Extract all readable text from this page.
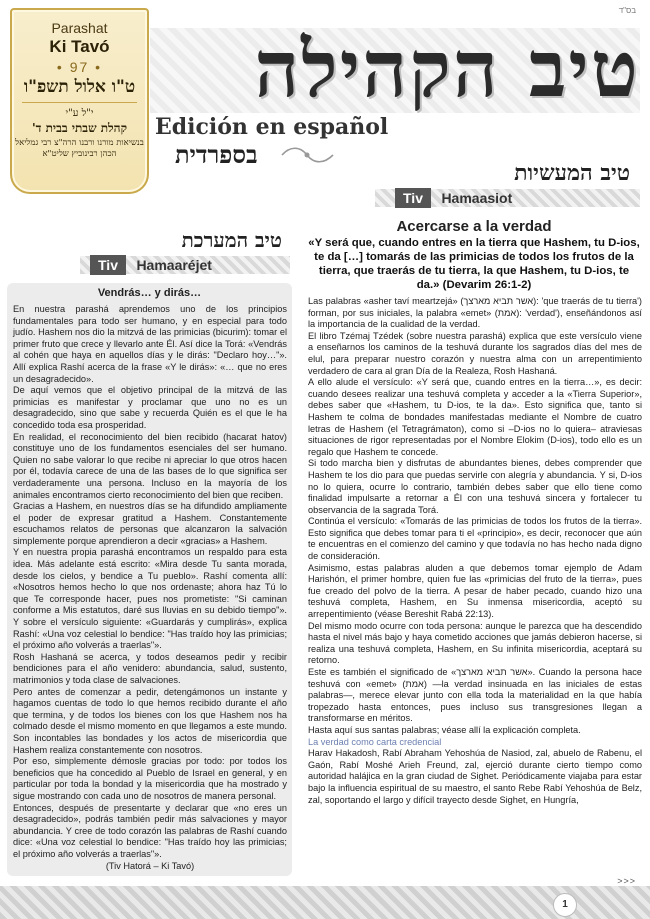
בס"ד
Parashat
Ki Tavó
• 97 •
ט"ו אלול תשפ"ו
י"ל ע"י
קהלת שבתי בבית ד'
בנשיאות מורנו ורבנו הרה"צ רבי גמליאל הכהן רבינוביץ שליט"א
טיב הקהילה
Edición en español
בספרדית
טיב המעשיות
Tiv Hamaasiot
טיב המערכת
Tiv Hamaaréjet
Vendrás… y dirás…

En nuestra parashá aprendemos uno de los principios fundamentales para todo ser humano, y en especial para todo judío. Hashem nos dio la mitzvá de las primicias (bicurim): tomar el primer fruto que crece y llevarlo ante Él. Así dice la Torá: «Vendrás al cohén que haya en aquellos días y le dirás: "Declaro hoy…"». Allí explica Rashí acerca de la frase «Y le dirás»: «… que no eres un desagradecido».

De aquí vemos que el objetivo principal de la mitzvá de las primicias es manifestar y proclamar que uno no es un desagradecido, sino que sabe y recuerda Quién es el que le ha concedido toda esa prosperidad.

En realidad, el reconocimiento del bien recibido (hacarat hatov) constituye uno de los fundamentos esenciales del ser humano. Quien no sabe valorar lo que recibe ni apreciar lo que otros hacen por él, todavía carece de una de las bases de lo que significa ser verdaderamente una persona. Incluso en la mayoría de los animales encontramos cierto reconocimiento del bien que reciben.

Gracias a Hashem, en nuestros días se ha difundido ampliamente el poder de expresar gratitud a Hashem. Constantemente escuchamos relatos de personas que alcanzaron la salvación simplemente porque aprendieron a decir «gracias» a Hashem.

Y en nuestra propia parashá encontramos un respaldo para esta idea. Más adelante está escrito: «Mira desde Tu santa morada, desde los cielos, y bendice a Tu pueblo». Rashí comenta allí: «Nosotros hemos hecho lo que nos ordenaste; ahora haz Tú lo que Te corresponde hacer, pues nos prometiste: "Si caminan conforme a Mis estatutos, daré sus lluvias en su debido tiempo"». Y sobre el versículo siguiente: «Guardarás y cumplirás», explica Rashí: «Una voz celestial lo bendice: "Has traído hoy las primicias; el próximo año volverás a traerlas"».

Rosh Hashaná se acerca, y todos deseamos pedir y recibir bendiciones para el año venidero: abundancia, salud, sustento, matrimonios y toda clase de salvaciones.

Pero antes de comenzar a pedir, detengámonos un instante y hagamos cuentas de todo lo que hemos recibido durante el año que termina, y de todos los bienes con los que Hashem nos ha colmado desde el mismo momento en que llegamos a este mundo. Son incontables las bondades y los actos de misericordia que Hashem realiza constantemente con nosotros.

Por eso, simplemente démosle gracias por todo: por todos los beneficios que ha concedido al Pueblo de Israel en general, y en particular por toda la bondad y la misericordia que ha mostrado y sigue mostrando con cada uno de nosotros de manera personal.

Entonces, después de presentarte y declarar que «no eres un desagradecido», podrás también pedir más salvaciones y mayor abundancia. Y cree de todo corazón las palabras de Rashí cuando dice: «Una voz celestial lo bendice: "Has traído hoy las primicias; el próximo año volverás a traerlas"».

(Tiv Hatorá – Ki Tavó)

Acercarse a la verdad
«Y será que, cuando entres en la tierra que Hashem, tu D-ios, te da […] tomarás de las primicias de todos los frutos de la tierra, que traerás de tu tierra, la que Hashem, tu D-ios, te da.» (Devarim 26:1-2)

Las palabras «asher taví meartzejá» (אשר תביא מארצך): 'que traerás de tu tierra') forman, por sus iniciales, la palabra «emet» (אמת): 'verdad'), enseñándonos así la importancia de la cualidad de la verdad.

El libro Tzémaj Tzédek (sobre nuestra parashá) explica que este versículo viene a enseñarnos los caminos de la teshuvá durante los sagrados días del mes de elul, para preparar nuestro corazón y nuestra alma con un arrepentimiento verdadero de cara al gran Día de la Realeza, Rosh Hashaná.

A ello alude el versículo: «Y será que, cuando entres en la tierra…», es decir: cuando desees realizar una teshuvá completa y acceder a la «Tierra Superior», debes saber que «Hashem, tu D-ios, te la da». Esto significa que, tanto si Hashem te colma de bondades manifestadas mediante el Nombre de cuatro letras de Hashem (el Tetragrámaton), como si –D-ios no lo quiera– atraviesas situaciones de rigor representadas por el Nombre Elokim (D-ios), todo ello es un regalo que Hashem te concede.

Si todo marcha bien y disfrutas de abundantes bienes, debes comprender que Hashem te los dio para que puedas servirle con alegría y abundancia. Y si, D-ios no lo quiera, ocurre lo contrario, también debes saber que ello tiene como finalidad impulsarte a retornar a Él con una teshuvá sincera y fortalecer tu observancia de la sagrada Torá.

Continúa el versículo: «Tomarás de las primicias de todos los frutos de la tierra». Esto significa que debes tomar para ti el «principio», es decir, reconocer que aún te encuentras en el comienzo del camino y que todavía no has hecho nada digno de consideración.

Asimismo, estas palabras aluden a que debemos tomar ejemplo de Adam Harishón, el primer hombre, quien fue las «primicias del fruto de la tierra», pues fue creado del polvo de la tierra. A pesar de haber pecado, cuando hizo una teshuvá completa, Hashem, en Su inmensa misericordia, aceptó su arrepentimiento (véase Bereshit Rabá 22:13).

Del mismo modo ocurre con toda persona: aunque le parezca que ha descendido hasta el nivel más bajo y haya cometido acciones que jamás debieron hacerse, si realiza una teshuvá completa, Hashem, en Su infinita misericordia, aceptará su retorno.

Este es también el significado de «אשר תביא מארצך». Cuando la persona hace teshuvá con «emet» (אמת) —la verdad insinuada en las iniciales de estas palabras—, merece elevar junto con ella toda la materialidad en la que había tropezado hasta entonces, pues incluso sus transgresiones llegan a transformarse en méritos.

Hasta aquí sus santas palabras; véase allí la explicación completa.

La verdad como carta credencial

Harav Hakadosh, Rabí Abraham Yehoshúa de Nasiod, zal, abuelo de Rabenu, el Gaón, Rabí Moshé Arieh Freund, zal, ejerció durante cierto tiempo como autoridad halájica en la gran ciudad de Sighet. Periódicamente viajaba para estar bajo la influencia espiritual de su maestro, el santo Rebe Rabí Yehoshúa de Belz, zal, soportando el largo y difícil trayecto desde Sighet, en Hungría,

>>>
1
